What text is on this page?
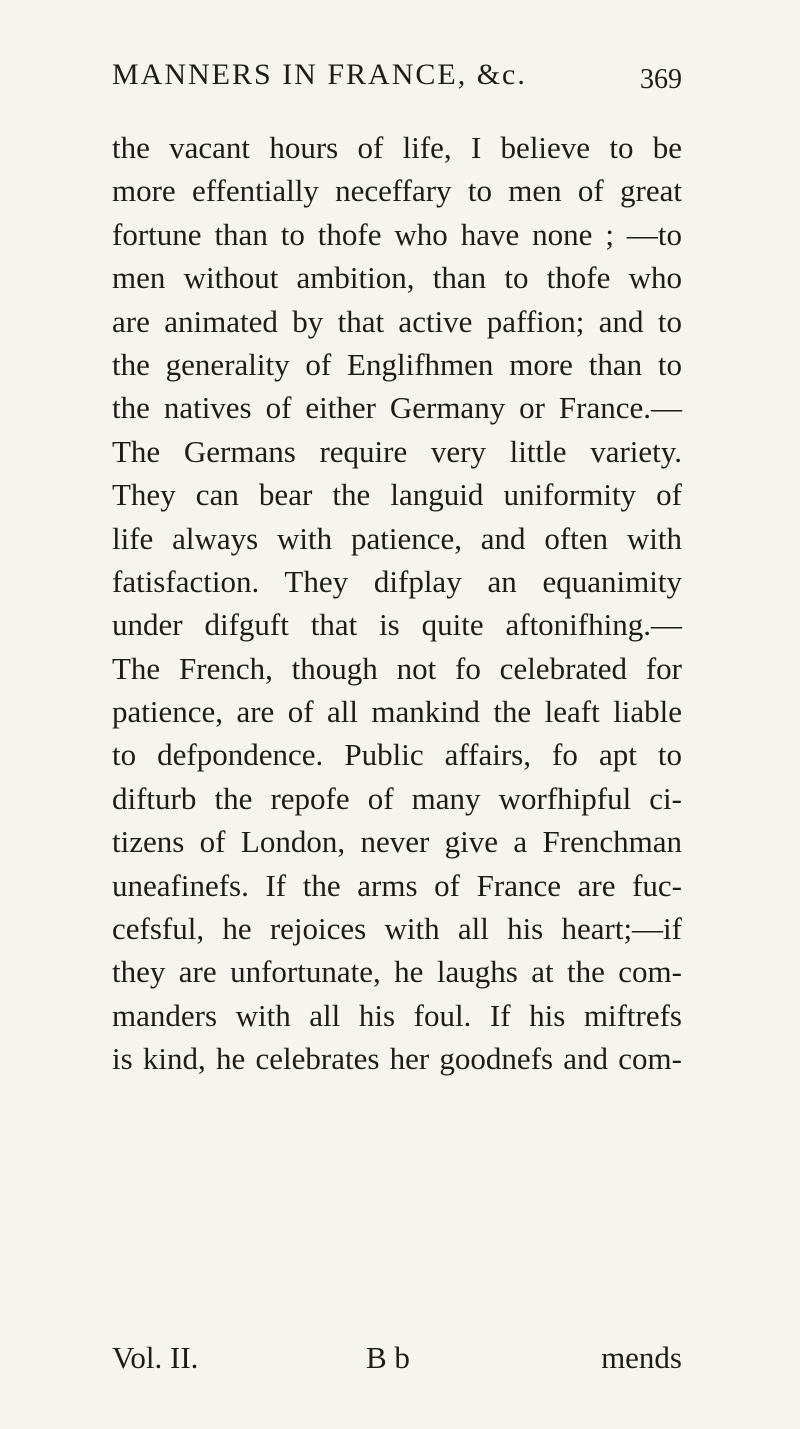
MANNERS IN FRANCE, &c.	369
the vacant hours of life, I believe to be
more effentially neceffary to men of great
fortune than to thofe who have none ; —to
men without ambition, than to thofe who
are animated by that active paffion; and to
the generality of Englifhmen more than to
the natives of either Germany or France.—
The Germans require very little variety.
They can bear the languid uniformity of
life always with patience, and often with
fatisfaction. They difplay an equanimity
under difguft that is quite aftonifhing.—
The French, though not fo celebrated for
patience, are of all mankind the leaft liable
to defpondence. Public affairs, fo apt to
difturb the repofe of many worfhipful ci-
tizens of London, never give a Frenchman
uneafinefs. If the arms of France are fuc-
cefsful, he rejoices with all his heart;—if
they are unfortunate, he laughs at the com-
manders with all his foul. If his miftrefs
is kind, he celebrates her goodnefs and com-
Vol. II.	B b	mends
